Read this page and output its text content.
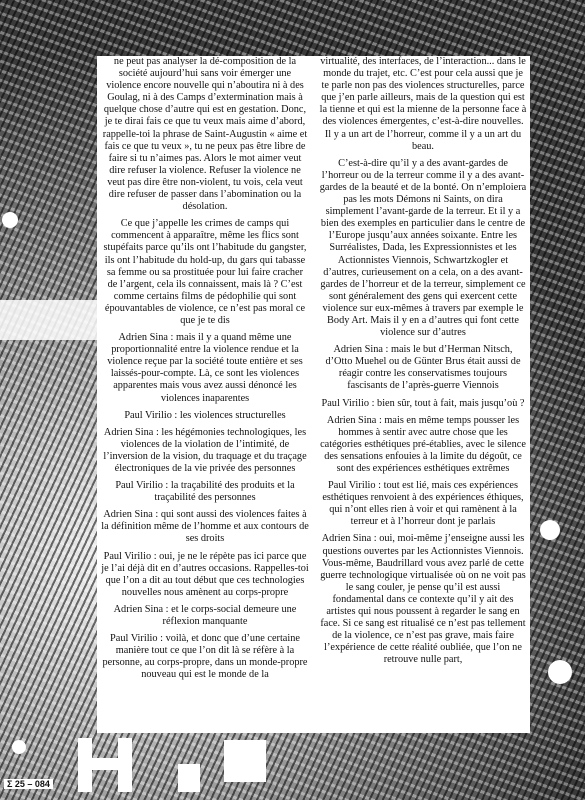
ne peut pas analyser la dé-composition de la société aujourd’hui sans voir émerger une violence encore nouvelle qui n’aboutira ni à des Goulag, ni à des Camps d’extermination mais à quelque chose d’autre qui est en gestation. Donc, je te dirai fais ce que tu veux mais aime d’abord, rappelle-toi la phrase de Saint-Augustin « aime et fais ce que tu veux », tu ne peux pas être libre de faire si tu n’aimes pas. Alors le mot aimer veut dire refuser la violence. Refuser la violence ne veut pas dire être non-violent, tu vois, cela veut dire refuser de passer dans l’abomination ou la désolation.

Ce que j’appelle les crimes de camps qui commencent à apparaître, même les flics sont stupéfaits parce qu’ils ont l’habitude du gangster, ils ont l’habitude du hold-up, du gars qui tabasse sa femme ou sa prostituée pour lui faire cracher de l’argent, cela ils connaissent, mais là ? C’est comme certains films de pédophilie qui sont épouvantables de violence, ce n’est pas moral ce que je te dis

Adrien Sina : mais il y a quand même une proportionnalité entre la violence rendue et la violence reçue par la société toute entière et ses laissés-pour-compte. Là, ce sont les violences apparentes mais vous avez aussi dénoncé les violences inaparentes

Paul Virilio : les violences structurelles

Adrien Sina : les hégémonies technologiques, les violences de la violation de l’intimité, de l’inversion de la vision, du traquage et du traçage électroniques de la vie privée des personnes

Paul Virilio : la traçabilité des produits et la traçabilité des personnes

Adrien Sina : qui sont aussi des violences faites à la définition même de l’homme et aux contours de ses droits

Paul Virilio : oui, je ne le répète pas ici parce que je l’ai déjà dit en d’autres occasions. Rappelles-toi que l’on a dit au tout début que ces technologies nouvelles nous amènent au corps-propre

Adrien Sina : et le corps-social demeure une réflexion manquante

Paul Virilio : voilà, et donc que d’une certaine manière tout ce que l’on dit là se réfère à la personne, au corps-propre, dans un monde-propre nouveau qui est le monde de la

virtualité, des interfaces, de l’interaction... dans le monde du trajet, etc. C’est pour cela aussi que je te parle non pas des violences structurelles, parce que j’en parle ailleurs, mais de la question qui est la tienne et qui est la mienne de la personne face à des violences émergentes, c’est-à-dire nouvelles. Il y a un art de l’horreur, comme il y a un art du beau.

C’est-à-dire qu’il y a des avant-gardes de l’horreur ou de la terreur comme il y a des avant-gardes de la beauté et de la bonté. On n’emploiera pas les mots Démons ni Saints, on dira simplement l’avant-garde de la terreur. Et il y a bien des exemples en particulier dans le centre de l’Europe jusqu’aux années soixante. Entre les Surréalistes, Dada, les Expressionnistes et les Actionnistes Viennois, Schwartzkogler et d’autres, curieusement on a cela, on a des avant-gardes de l’horreur et de la terreur, simplement ce sont généralement des gens qui exercent cette violence sur eux-mêmes à travers par exemple le Body Art. Mais il y en a d’autres qui font cette violence sur d’autres

Adrien Sina : mais le but d’Herman Nitsch, d’Otto Muehel ou de Günter Brus était aussi de réagir contre les conservatismes toujours fascisants de l’après-guerre Viennois

Paul Virilio : bien sûr, tout à fait, mais jusqu’où ?

Adrien Sina : mais en même temps pousser les hommes à sentir avec autre chose que les catégories esthétiques pré-établies, avec le silence des sensations enfouies à la limite du dégoût, ce sont des expériences esthétiques extrêmes

Paul Virilio : tout est lié, mais ces expériences esthétiques renvoient à des expériences éthiques, qui n’ont elles rien à voir et qui ramènent à la terreur et à l’horreur dont je parlais

Adrien Sina : oui, moi-même j’enseigne aussi les questions ouvertes par les Actionnistes Viennois. Vous-même, Baudrillard vous avez parlé de cette guerre technologique virtualisée où on ne voit pas le sang couler, je pense qu’il est aussi fondamental dans ce contexte qu’il y ait des artistes qui nous poussent à regarder le sang en face. Si ce sang est ritualisé ce n’est pas tellement de la violence, ce n’est pas grave, mais faire l’expérience de cette réalité oubliée, que l’on ne retrouve nulle part,

Σ 25 – 084
